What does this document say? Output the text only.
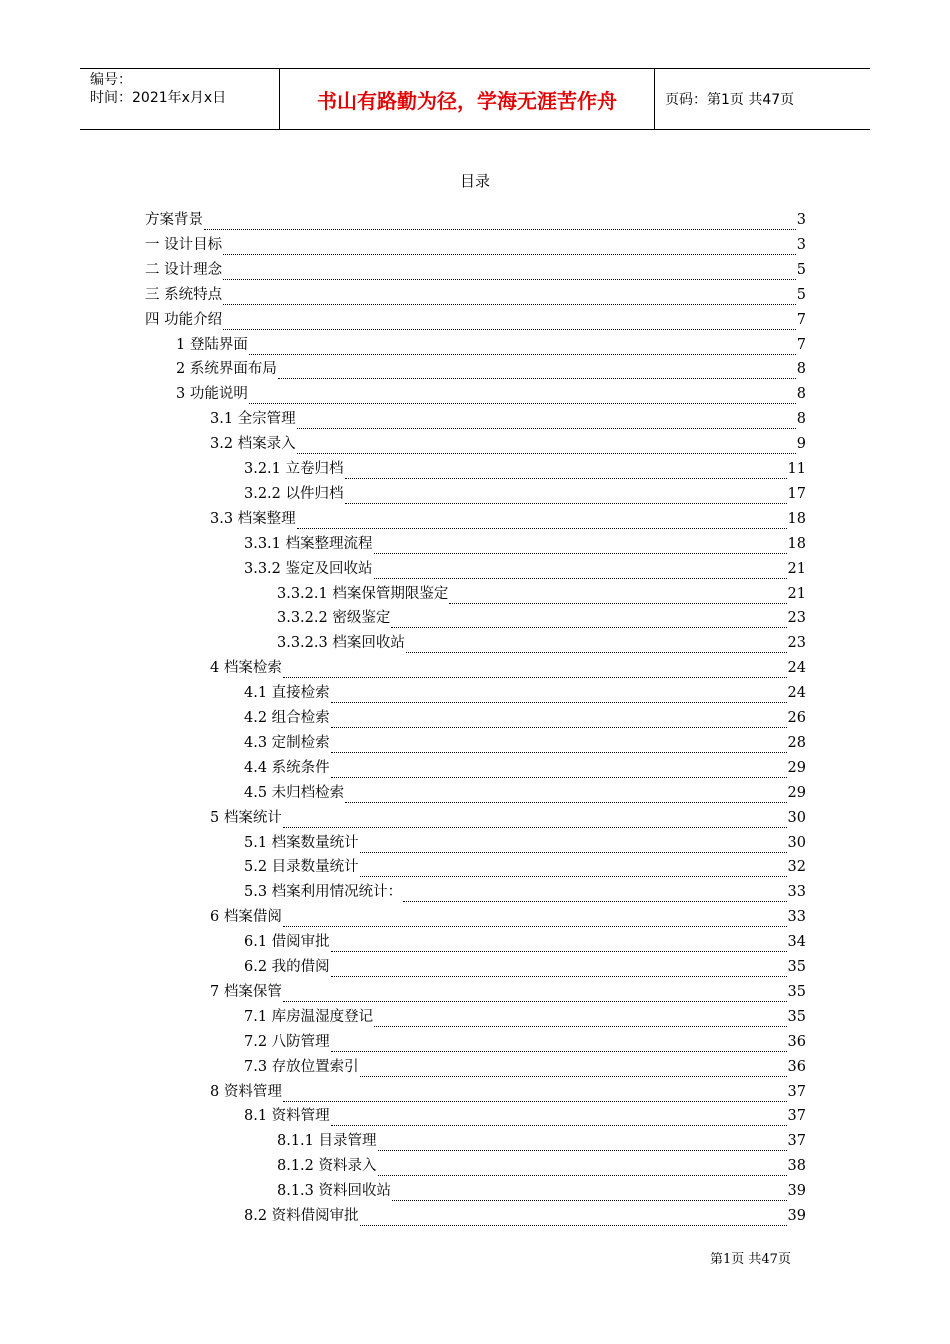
编号：
时间：2021年x月x日	书山有路勤为径，学海无涯苦作舟	页码：第1页 共47页
目录
方案背景	3
一 设计目标	3
二 设计理念	5
三 系统特点	5
四 功能介绍	7
1 登陆界面	7
2 系统界面布局	8
3 功能说明	8
3.1 全宗管理	8
3.2 档案录入	9
3.2.1 立卷归档	11
3.2.2 以件归档	17
3.3 档案整理	18
3.3.1 档案整理流程	18
3.3.2 鉴定及回收站	21
3.3.2.1 档案保管期限鉴定	21
3.3.2.2 密级鉴定	23
3.3.2.3 档案回收站	23
4 档案检索	24
4.1 直接检索	24
4.2 组合检索	26
4.3 定制检索	28
4.4 系统条件	29
4.5 未归档检索	29
5 档案统计	30
5.1 档案数量统计	30
5.2 目录数量统计	32
5.3 档案利用情况统计：	33
6 档案借阅	33
6.1 借阅审批	34
6.2 我的借阅	35
7 档案保管	35
7.1 库房温湿度登记	35
7.2 八防管理	36
7.3 存放位置索引	36
8 资料管理	37
8.1 资料管理	37
8.1.1 目录管理	37
8.1.2 资料录入	38
8.1.3 资料回收站	39
8.2 资料借阅审批	39
第1页 共47页
